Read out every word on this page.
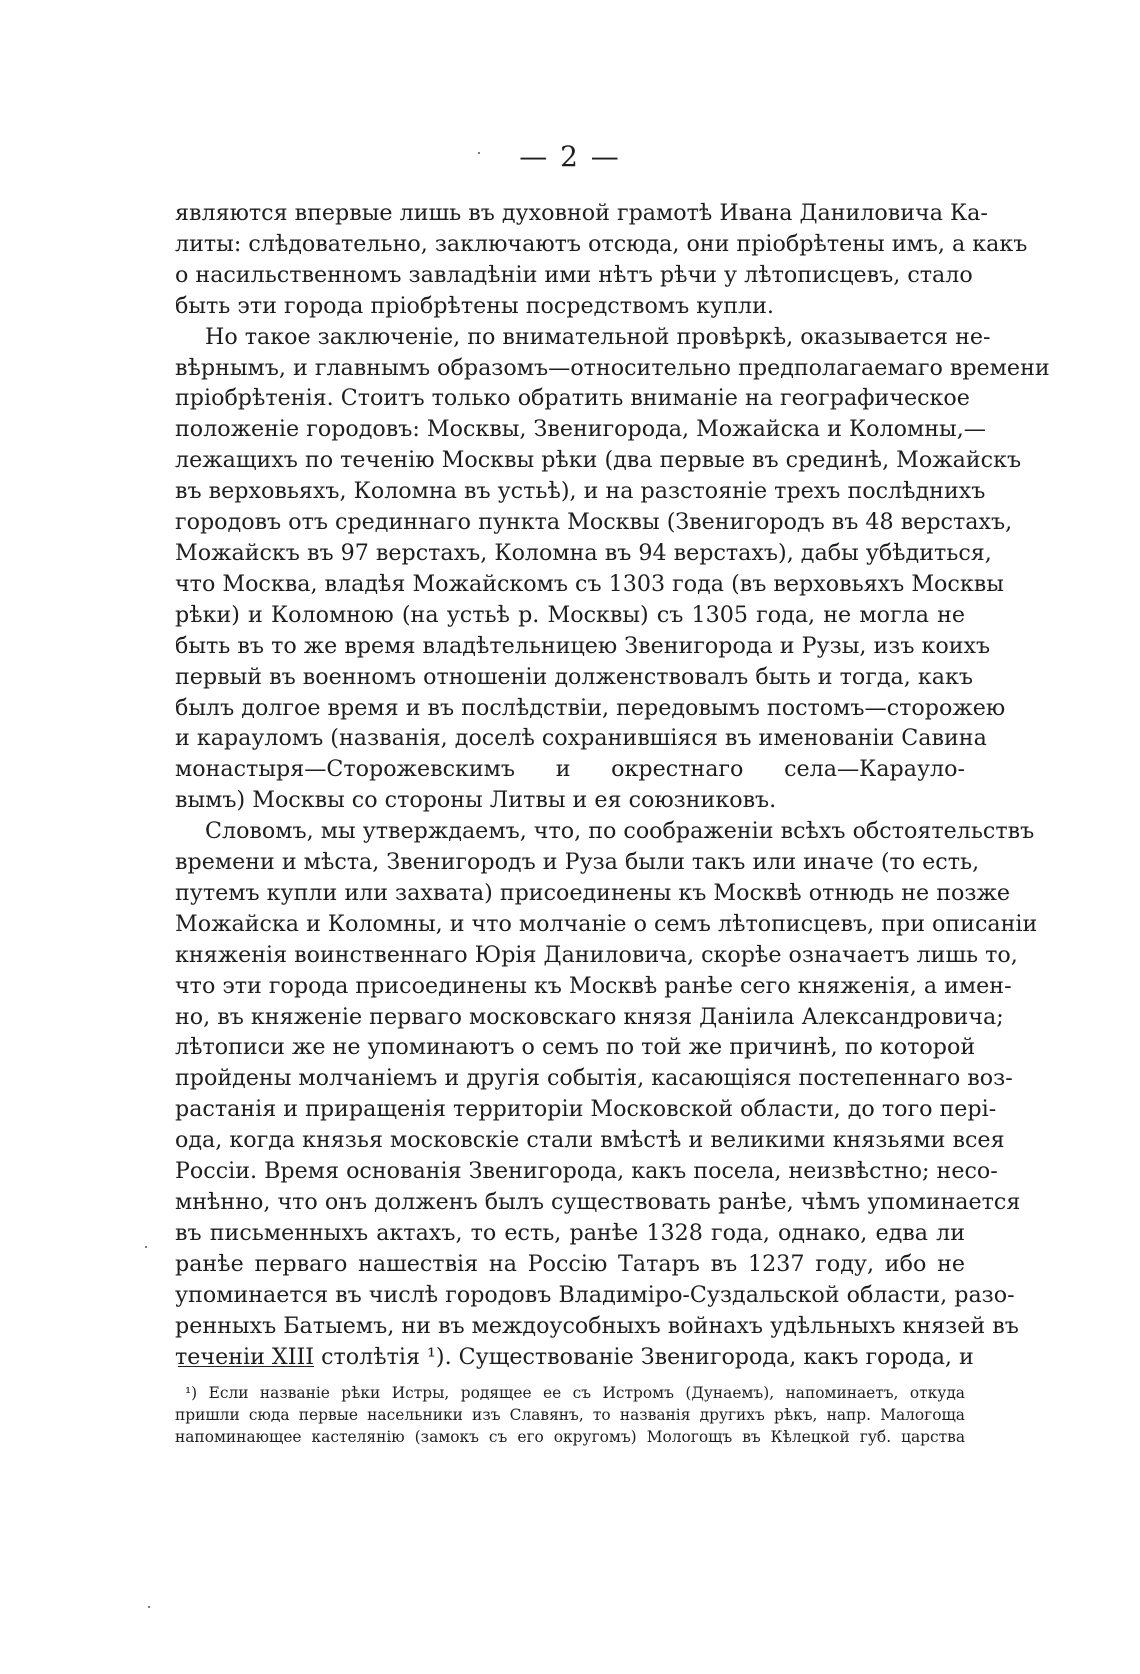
— 2 —
являются впервые лишь въ духовной грамотѣ Ивана Даниловича Ка-
литы: слѣдовательно, заключаютъ отсюда, они пріобрѣтены имъ, а какъ
о насильственномъ завладѣніи ими нѣтъ рѣчи у лѣтописцевъ, стало
быть эти города пріобрѣтены посредствомъ купли.
Но такое заключеніе, по внимательной провѣркѣ, оказывается не-
вѣрнымъ, и главнымъ образомъ—относительно предполагаемаго времени
пріобрѣтенія. Стоитъ только обратить вниманіе на географическое
положеніе городовъ: Москвы, Звенигорода, Можайска и Коломны,—
лежащихъ по теченію Москвы рѣки (два первые въ срединѣ, Можайскъ
въ верховьяхъ, Коломна въ устьѣ), и на разстояніе трехъ послѣднихъ
городовъ отъ срединнаго пункта Москвы (Звенигородъ въ 48 верстахъ,
Можайскъ въ 97 верстахъ, Коломна въ 94 верстахъ), дабы убѣдиться,
что Москва, владѣя Можайскомъ съ 1303 года (въ верховьяхъ Москвы
рѣки) и Коломною (на устьѣ р. Москвы) съ 1305 года, не могла не
быть въ то же время владѣтельницею Звенигорода и Рузы, изъ коихъ
первый въ военномъ отношеніи долженствовалъ быть и тогда, какъ
былъ долгое время и въ послѣдствіи, передовымъ постомъ—сторожею
и карауломъ (названія, доселѣ сохранившіяся въ именованіи Савина
монастыря—Сторожевскимъ и окрестнаго села—Караулo-
вымъ) Москвы со стороны Литвы и ея союзниковъ.
Словомъ, мы утверждаемъ, что, по соображеніи всѣхъ обстоятельствъ
времени и мѣста, Звенигородъ и Руза были такъ или иначе (то есть,
путемъ купли или захвата) присоединены къ Москвѣ отнюдь не позже
Можайска и Коломны, и что молчаніе о семъ лѣтописцевъ, при описаніи
княженія воинственнаго Юрія Даниловича, скорѣе означаетъ лишь то,
что эти города присоединены къ Москвѣ ранѣе сего княженія, а имен-
но, въ княженіе перваго московскаго князя Даніила Александровича;
лѣтописи же не упоминаютъ о семъ по той же причинѣ, по которой
пройдены молчаніемъ и другія событія, касающіяся постепеннаго воз-
растанія и приращенія территоріи Московской области, до того пері-
ода, когда князья московскіе стали вмѣстѣ и великими князьями всея
Россіи. Время основанія Звенигорода, какъ посела, неизвѣстно; несо-
мнѣнно, что онъ долженъ былъ существовать ранѣе, чѣмъ упоминается
въ письменныхъ актахъ, то есть, ранѣе 1328 года, однако, едва ли
ранѣе перваго нашествія на Россію Татаръ въ 1237 году, ибо не
упоминается въ числѣ городовъ Владиміро-Суздальской области, разо-
ренныхъ Батыемъ, ни въ междоусобныхъ войнахъ удѣльныхъ князей въ
теченіи XIII столѣтія ¹). Существованіе Звенигорода, какъ города, и
¹) Если названіе рѣки Истры, родящее ее съ Истромъ (Дунаемъ), напоминаетъ, откуда
пришли сюда первые насельники изъ Славянъ, то названія другихъ рѣкъ, напр. Малогоща
напоминающее кастелянію (замокъ съ его округомъ) Мологощъ въ Кѣлецкой губ. царства
